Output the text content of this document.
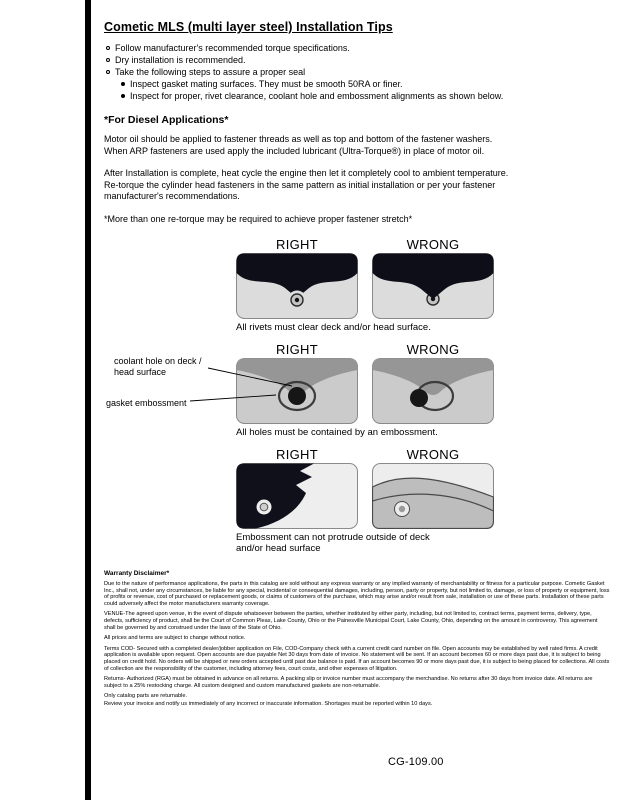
Cometic MLS (multi layer steel) Installation Tips
Follow manufacturer's recommended torque specifications.
Dry installation is recommended.
Take the following steps to assure a proper seal
Inspect gasket mating surfaces. They must be smooth 50RA or finer.
Inspect for proper, rivet clearance, coolant hole and embossment alignments as shown below.
*For Diesel Applications*
Motor oil should be applied to fastener threads as well as top and bottom of the fastener washers. When ARP fasteners are used apply the included lubricant (Ultra-Torque®) in place of motor oil.
After Installation is complete, heat cycle the engine then let it completely cool to ambient temperature. Re-torque the cylinder head fasteners in the same pattern as initial installation or per your fastener manufacturer's recommendations.
*More than one re-torque may be required to achieve proper fastener stretch*
RIGHT	WRONG
All rivets must clear deck and/or head surface.
coolant hole on deck / head surface
gasket embossment
RIGHT	WRONG
All holes must be contained by an embossment.
RIGHT	WRONG
Embossment can not protrude outside of deck and/or head surface
Warranty Disclaimer*
Due to the nature of performance applications, the parts in this catalog are sold without any express warranty or any implied warranty of merchantability or fitness for a particular purpose. Cometic Gasket Inc., shall not, under any circumstances, be liable for any special, incidental or consequential damages, including, person, party or property, but not limited to, damage, or loss of property or equipment, loss of profits or revenue, cost of purchased or replacement goods, or claims of customers of the purchase, which may arise and/or result from sale, installation or use of these parts. Installation of these parts could adversely affect the motor manufacturers warranty coverage.
VENUE-The agreed upon venue, in the event of dispute whatsoever between the parties, whether instituted by either party, including, but not limited to, contract terms, payment terms, delivery, type, defects, sufficiency of product, shall be the Court of Common Pleas, Lake County, Ohio or the Painesville Municipal Court, Lake County, Ohio, depending on the amount in controversy. This agreement shall be governed by and construed under the laws of the State of Ohio.
All prices and terms are subject to change without notice.
Terms COD- Secured with a completed dealer/jobber application on File, COD-Company check with a current credit card number on file. Open accounts may be established by well rated firms. A credit application is available upon request. Open accounts are due payable Net 30 days from date of invoice. No statement will be sent. If an account becomes 60 or more days past due, it is subject to being placed on credit hold. No orders will be shipped or new orders accepted until past due balance is paid. If an account becomes 90 or more days past due, it is subject to being placed for collections. All costs of collection are the responsibility of the customer, including attorney fees, court costs, and other expenses of litigation.
Returns- Authorized (RGA) must be obtained in advance on all returns. A packing slip or invoice number must accompany the merchandise. No returns after 30 days from invoice date. All returns are subject to a 25% restocking charge. All custom designed and custom manufactured gaskets are non-returnable.
Only catalog parts are returnable.
Review your invoice and notify us immediately of any incorrect or inaccurate information. Shortages must be reported within 10 days.
CG-109.00
